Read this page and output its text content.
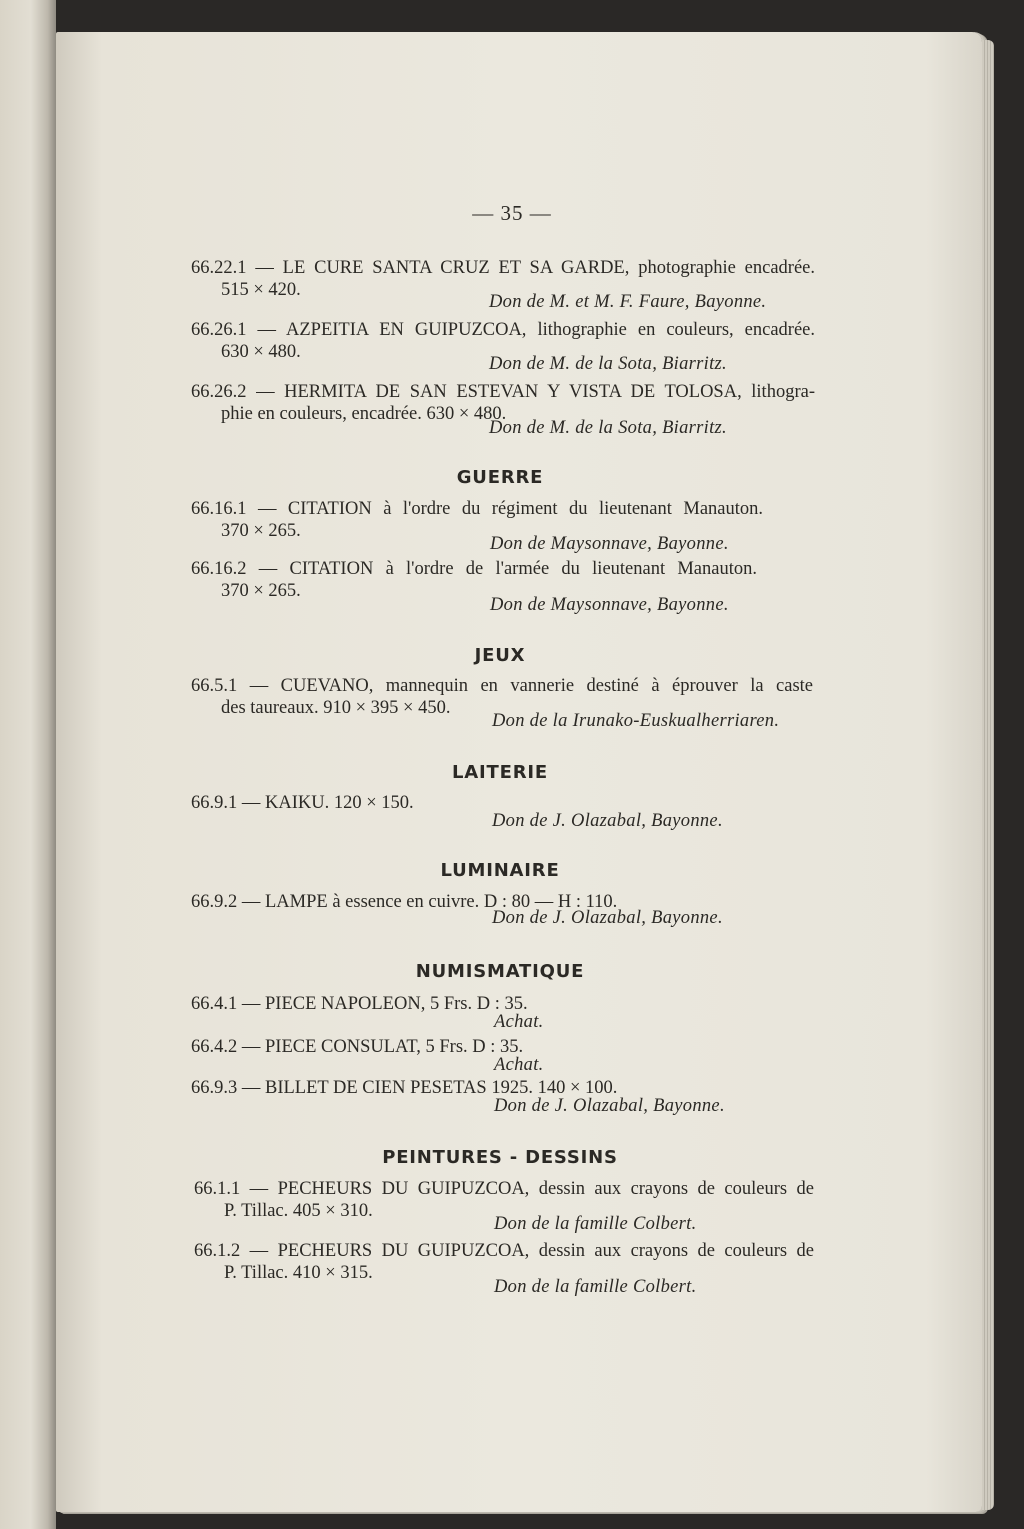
— 35 —
66.22.1 — LE CURE SANTA CRUZ ET SA GARDE, photographie encadrée.
515 × 420.
Don de M. et M. F. Faure, Bayonne.
66.26.1 — AZPEITIA EN GUIPUZCOA, lithographie en couleurs, encadrée.
630 × 480.
Don de M. de la Sota, Biarritz.
66.26.2 — HERMITA DE SAN ESTEVAN Y VISTA DE TOLOSA, lithogra-
phie en couleurs, encadrée. 630 × 480.
Don de M. de la Sota, Biarritz.
GUERRE
66.16.1 — CITATION à l'ordre du régiment du lieutenant Manauton.
370 × 265.
Don de Maysonnave, Bayonne.
66.16.2 — CITATION à l'ordre de l'armée du lieutenant Manauton.
370 × 265.
Don de Maysonnave, Bayonne.
JEUX
66.5.1 — CUEVANO, mannequin en vannerie destiné à éprouver la caste
des taureaux. 910 × 395 × 450.
Don de la Irunako-Euskualherriaren.
LAITERIE
66.9.1 — KAIKU. 120 × 150.
Don de J. Olazabal, Bayonne.
LUMINAIRE
66.9.2 — LAMPE à essence en cuivre. D : 80 — H : 110.
Don de J. Olazabal, Bayonne.
NUMISMATIQUE
66.4.1 — PIECE NAPOLEON, 5 Frs. D : 35.
Achat.
66.4.2 — PIECE CONSULAT, 5 Frs. D : 35.
Achat.
66.9.3 — BILLET DE CIEN PESETAS 1925. 140 × 100.
Don de J. Olazabal, Bayonne.
PEINTURES - DESSINS
66.1.1 — PECHEURS DU GUIPUZCOA, dessin aux crayons de couleurs de
P. Tillac. 405 × 310.
Don de la famille Colbert.
66.1.2 — PECHEURS DU GUIPUZCOA, dessin aux crayons de couleurs de
P. Tillac. 410 × 315.
Don de la famille Colbert.
